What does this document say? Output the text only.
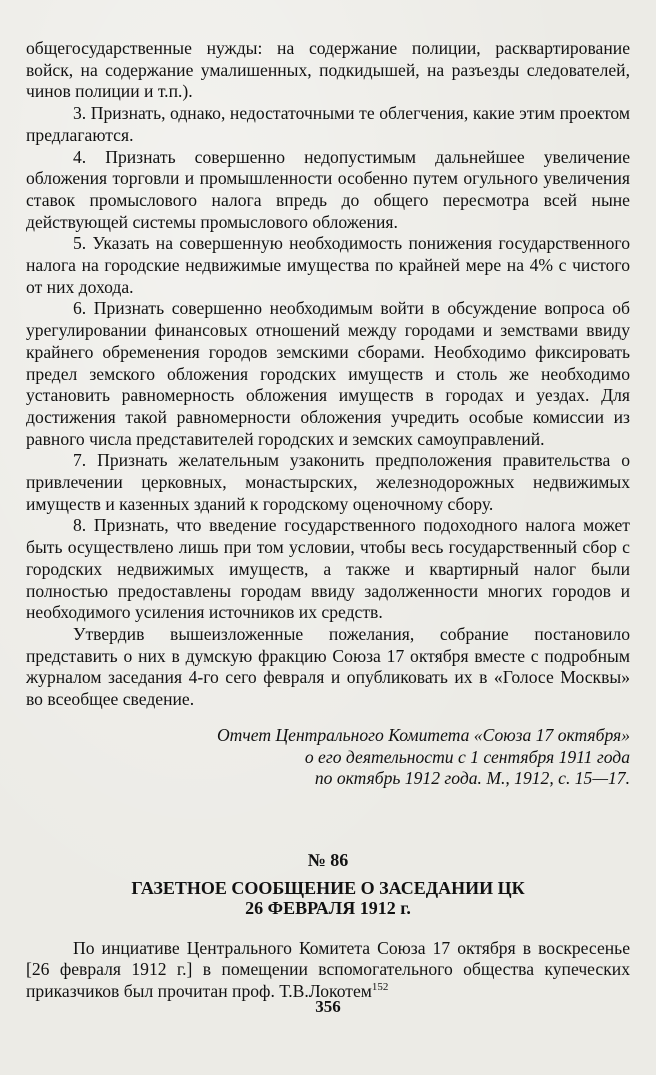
общегосударственные нужды: на содержание полиции, расквартирование войск, на содержание умалишенных, подкидышей, на разъезды следователей, чинов полиции и т.п.).

3. Признать, однако, недостаточными те облегчения, какие этим проектом предлагаются.

4. Признать совершенно недопустимым дальнейшее увеличение обложения торговли и промышленности особенно путем огульного увеличения ставок промыслового налога впредь до общего пересмотра всей ныне действующей системы промыслового обложения.

5. Указать на совершенную необходимость понижения государственного налога на городские недвижимые имущества по крайней мере на 4% с чистого от них дохода.

6. Признать совершенно необходимым войти в обсуждение вопроса об урегулировании финансовых отношений между городами и земствами ввиду крайнего обременения городов земскими сборами. Необходимо фиксировать предел земского обложения городских имуществ и столь же необходимо установить равномерность обложения имуществ в городах и уездах. Для достижения такой равномерности обложения учредить особые комиссии из равного числа представителей городских и земских самоуправлений.

7. Признать желательным узаконить предположения правительства о привлечении церковных, монастырских, железнодорожных недвижимых имуществ и казенных зданий к городскому оценочному сбору.

8. Признать, что введение государственного подоходного налога может быть осуществлено лишь при том условии, чтобы весь государственный сбор с городских недвижимых имуществ, а также и квартирный налог были полностью предоставлены городам ввиду задолженности многих городов и необходимого усиления источников их средств.

Утвердив вышеизложенные пожелания, собрание постановило представить о них в думскую фракцию Союза 17 октября вместе с подробным журналом заседания 4-го сего февраля и опубликовать их в «Голосе Москвы» во всеобщее сведение.

Отчет Центрального Комитета «Союза 17 октября»
о его деятельности с 1 сентября 1911 года
по октябрь 1912 года. М., 1912, с. 15—17.

№ 86

ГАЗЕТНОЕ СООБЩЕНИЕ О ЗАСЕДАНИИ ЦК
26 ФЕВРАЛЯ 1912 г.

По инциативе Центрального Комитета Союза 17 октября в воскресенье [26 февраля 1912 г.] в помещении вспомогательного общества купеческих приказчиков был прочитан проф. Т.В.Локотем$^{152}$

356
